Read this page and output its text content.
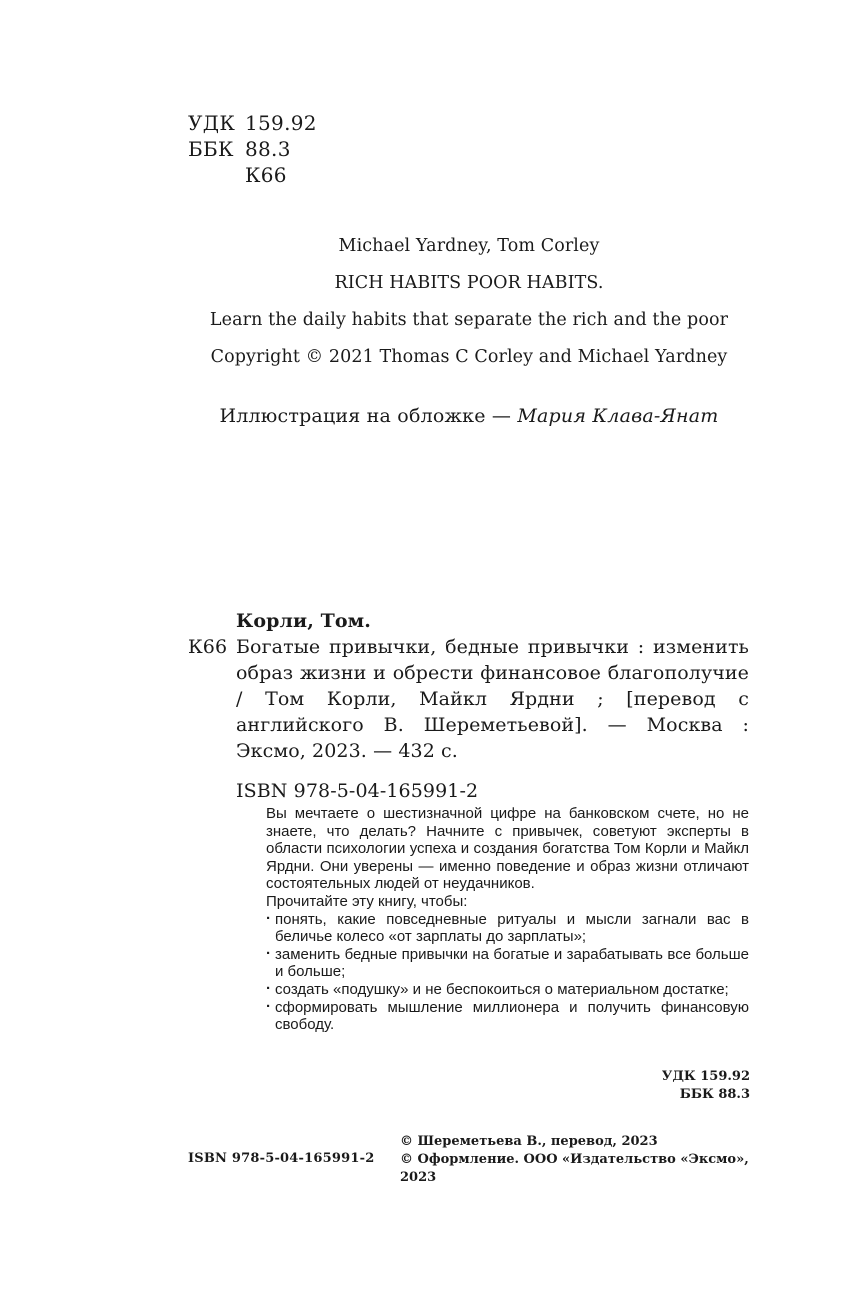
УДК 159.92
ББК 88.3
К66
Michael Yardney, Tom Corley
RICH HABITS POOR HABITS.
Learn the daily habits that separate the rich and the poor
Copyright © 2021 Thomas C Corley and Michael Yardney
Иллюстрация на обложке — Мария Клава-Янат
Корли, Том.
К66 Богатые привычки, бедные привычки : изменить образ жизни и обрести финансовое благополучие / Том Корли, Майкл Ярдни ; [перевод с английского В. Шереметьевой]. — Москва : Эксмо, 2023. — 432 с.
ISBN 978-5-04-165991-2
Вы мечтаете о шестизначной цифре на банковском счете, но не знаете, что делать? Начните с привычек, советуют эксперты в области психологии успеха и создания богатства Том Корли и Майкл Ярдни. Они уверены — именно поведение и образ жизни отличают состоятельных людей от неудачников.
Прочитайте эту книгу, чтобы:
· понять, какие повседневные ритуалы и мысли загнали вас в беличье колесо «от зарплаты до зарплаты»;
· заменить бедные привычки на богатые и зарабатывать все больше и больше;
· создать «подушку» и не беспокоиться о материальном достатке;
· сформировать мышление миллионера и получить финансовую свободу.
УДК 159.92
ББК 88.3
ISBN 978-5-04-165991-2
© Шереметьева В., перевод, 2023
© Оформление. ООО «Издательство «Эксмо», 2023
